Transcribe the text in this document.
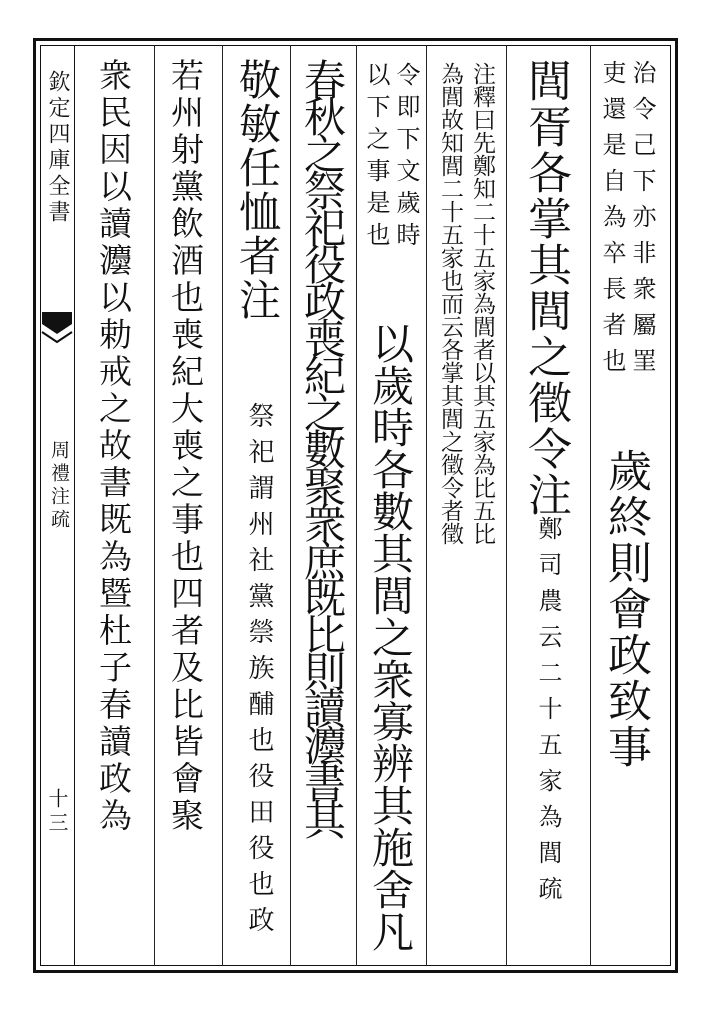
欽定四庫全書
周禮注疏
十三
治令己下亦非衆屬罣
吏還是自為卒長者也
歲終則會政致事
閭胥各掌其閭之徵令注
鄭司農云二十五家為閭疏
注釋曰先鄭知二十五家為閭者以其五家為比五比
為閭故知閭二十五家也而云各掌其閭之徵令者徵
令即下文歲時
以下之事是也
以歲時各數其閭之衆寡辨其施舍凡
春秋之祭祀役政喪紀之數聚衆庶既比則讀灋書其
敬敏任恤者注
祭祀謂州社黨禜族酺也役田役也政
若州射黨飲酒也喪紀大喪之事也四者及比皆會聚
衆民因以讀灋以勅戒之故書既為暨杜子春讀政為
